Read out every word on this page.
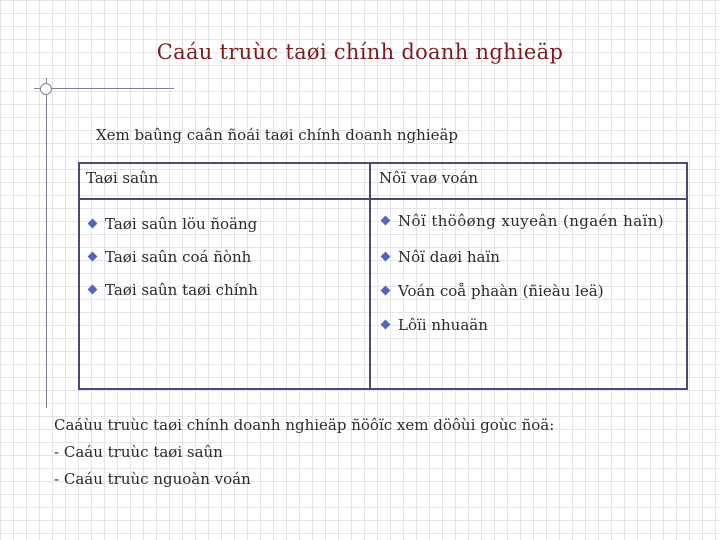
Caáu truùc taøi chính doanh nghieäp
Xem baûng caân ñoái taøi chính doanh nghieäp
Taøi saûn	Nôï vaø voán
Taøi saûn löu ñoäng
Taøi saûn coá ñònh
Taøi saûn taøi chính
Nôï thöôøng xuyeân (ngaén haïn)
Nôï daøi haïn
Voán coå phaàn (ñieàu leä)
Lôïi nhuaän
Caáùu truùc taøi chính doanh nghieäp ñöôïc xem döôùi goùc ñoä:
- Caáu truùc taøi saûn
- Caáu truùc nguoàn voán
